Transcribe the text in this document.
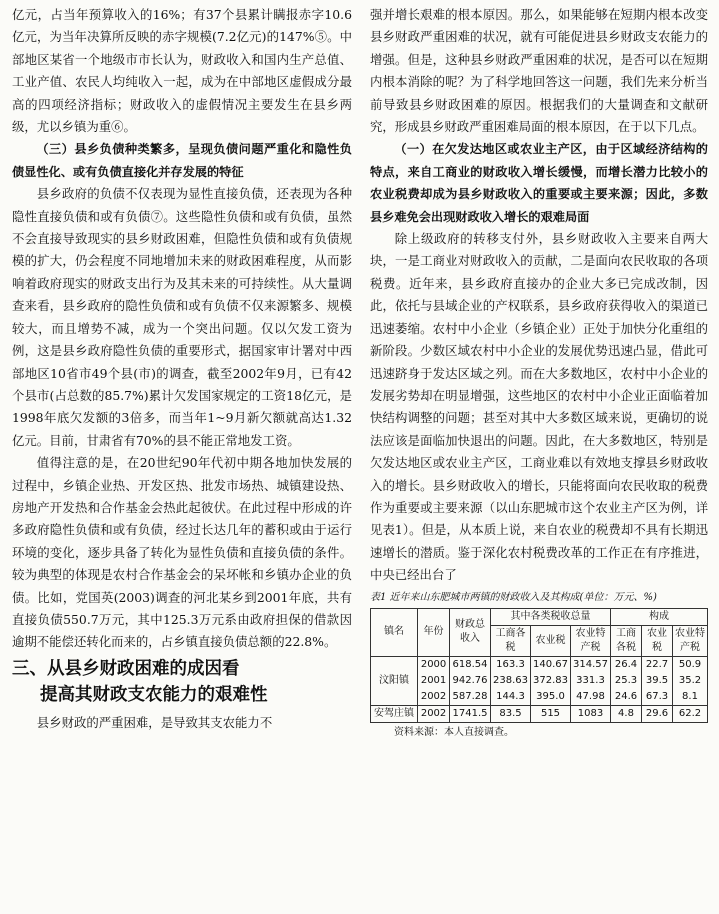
亿元，占当年预算收入的16%；有37个县累计瞒报赤字10.6亿元，为当年决算所反映的赤字规模(7.2亿元)的147%⑤。中部地区某省一个地级市市长认为，财政收入和国内生产总值、工业产值、农民人均纯收入一起，成为在中部地区虚假成分最高的四项经济指标；财政收入的虚假情况主要发生在县乡两级，尤以乡镇为重⑥。

（三）县乡负债种类繁多，呈现负债问题严重化和隐性负债显性化、或有负债直接化并存发展的特征

县乡政府的负债不仅表现为显性直接负债，还表现为各种隐性直接负债和或有负债⑦。这些隐性负债和或有负债，虽然不会直接导致现实的县乡财政困难，但隐性负债和或有负债规模的扩大，仍会程度不同地增加未来的财政困难程度，从而影响着政府现实的财政支出行为及其未来的可持续性。从大量调查来看，县乡政府的隐性负债和或有负债不仅来源繁多、规模较大，而且增势不减，成为一个突出问题。仅以欠发工资为例，这是县乡政府隐性负债的重要形式，据国家审计署对中西部地区10省市49个县(市)的调查，截至2002年9月，已有42个县市(占总数的85.7%)累计欠发国家规定的工资18亿元，是1998年底欠发额的3倍多，而当年1~9月新欠额就高达1.32亿元。目前，甘肃省有70%的县不能正常地发工资。

值得注意的是，在20世纪90年代初中期各地加快发展的过程中，乡镇企业热、开发区热、批发市场热、城镇建设热、房地产开发热和合作基金会热此起彼伏。在此过程中形成的许多政府隐性负债和或有负债，经过长达几年的蓄积或由于运行环境的变化，逐步具备了转化为显性负债和直接负债的条件。较为典型的体现是农村合作基金会的呆坏帐和乡镇办企业的负债。比如，党国英(2003)调查的河北某乡到2001年底，共有直接负债550.7万元，其中125.3万元系由政府担保的借款因逾期不能偿还转化而来的，占乡镇直接负债总额的22.8%。

三、从县乡财政困难的成因看
提高其财政支农能力的艰难性

县乡财政的严重困难，是导致其支农能力不

强并增长艰难的根本原因。那么，如果能够在短期内根本改变县乡财政严重困难的状况，就有可能促进县乡财政支农能力的增强。但是，这种县乡财政严重困难的状况，是否可以在短期内根本消除的呢？为了科学地回答这一问题，我们先来分析当前导致县乡财政困难的原因。根据我们的大量调查和文献研究，形成县乡财政严重困难局面的根本原因，在于以下几点。

（一）在欠发达地区或农业主产区，由于区域经济结构的特点，来自工商业的财政收入增长缓慢，而增长潜力比较小的农业税费却成为县乡财政收入的重要或主要来源；因此，多数县乡难免会出现财政收入增长的艰难局面

除上级政府的转移支付外，县乡财政收入主要来自两大块，一是工商业对财政收入的贡献，二是面向农民收取的各项税费。近年来，县乡政府直接办的企业大多已完成改制，因此，依托与县域企业的产权联系，县乡政府获得收入的渠道已迅速萎缩。农村中小企业（乡镇企业）正处于加快分化重组的新阶段。少数区域农村中小企业的发展优势迅速凸显，借此可迅速跻身于发达区域之列。而在大多数地区，农村中小企业的发展劣势却在明显增强，这些地区的农村中小企业正面临着加快结构调整的问题；甚至对其中大多数区域来说，更确切的说法应该是面临加快退出的问题。因此，在大多数地区，特别是欠发达地区或农业主产区，工商业难以有效地支撑县乡财政收入的增长。县乡财政收入的增长，只能将面向农民收取的税费作为重要或主要来源（以山东肥城市这个农业主产区为例，详见表1）。但是，从本质上说，来自农业的税费却不具有长期迅速增长的潜质。鉴于深化农村税费改革的工作正在有序推进，中央已经出台了

表1 近年来山东肥城市两镇的财政收入及其构成(单位：万元、%)
镇名	年份	财政总收入	其中各类税收总量			构成		
			工商各税	农业税	农业特产税	工商各税	农业税	农业特产税
汶阳镇	2000	618.54	163.3	140.67	314.57	26.4	22.7	50.9
	2001	942.76	238.63	372.83	331.3	25.3	39.5	35.2
	2002	587.28	144.3	395.0	47.98	24.6	67.3	8.1
安驾庄镇	2002	1741.5	83.5	515	1083	4.8	29.6	62.2
资料来源：本人直接调查。
